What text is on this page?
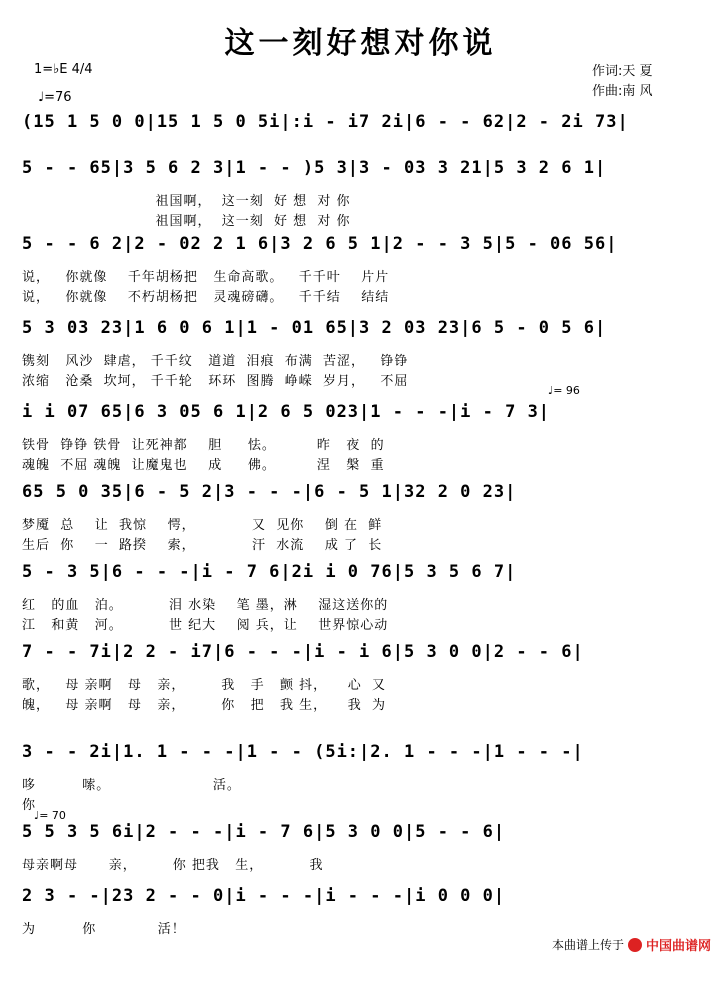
这一刻好想对你说
1=♭E 4/4
♩=76
作词:天 夏
作曲:南 风
(15 1 5 0 0|15 1 5 0 5i|:i - i7 2i|6 - - 62|2 - 2i 73|
5 - - 65|3 5 6 2 3|1 - - )5 3|3 - 03 3 21|5 3 2 6 1|
祖国啊，  这一刻  好 想  对 你
祖国啊，  这一刻  好 想  对 你
5 - - 6 2|2 - 02 2 1 6|3 2 6 5 1|2 - - 3 5|5 - 06 56|
说，   你就像    千年胡杨把   生命高歌。   千千叶    片片
说，   你就像    不朽胡杨把   灵魂磅礴。   千千结    结结
5 3 03 23|1 6 0 6 1|1 - 01 65|3 2 03 23|6 5 - 0 5 6|
镌刻   风沙  肆虐， 千千纹   道道  泪痕  布满  苦涩，   铮铮
浓缩   沧桑  坎坷， 千千轮   环环  图腾  峥嵘  岁月，   不屈
i i 07 65|6 3 05 6 1|2 6 5 023|1 - - -|i - 7 3|
铁骨  铮铮 铁骨  让死神都    胆     怯。        昨   夜  的
魂魄  不屈 魂魄  让魔鬼也    成     佛。        涅   槃  重
65 5 0 35|6 - 5 2|3 - - -|6 - 5 1|32 2 0 23|
梦魇  总    让  我惊    愕，           又  见你    倒 在  鲜
生后  你    一  路揆    索，           汗  水流    成 了  长
5 - 3 5|6 - - -|i - 7 6|2i i 0 76|5 3 5 6 7|
红   的血   泊。         泪 水染    笔 墨，淋    湿这送你的
江   和黄   河。         世 纪大    阅 兵，让    世界惊心动
7 - - 7i|2 2 - i7|6 - - -|i - i 6|5 3 0 0|2 - - 6|
歌，   母 亲啊   母   亲，       我   手   颤 抖，    心  又
魄，   母 亲啊   母   亲，       你   把   我 生，    我  为
3 - - 2i|1. 1 - - -|1 - - (5i:|2. 1 - - -|1 - - -|
哆         嗦。                    活。
你
5 5 3 5 6i|2 - - -|i - 7 6|5 3 0 0|5 - - 6|
母亲啊母      亲，       你 把我   生，         我
2 3 - -|23 2 - - 0|i - - -|i - - -|i 0 0 0|
为         你            活！
♩= 96
♩= 70
本曲谱上传于 中国曲谱网
